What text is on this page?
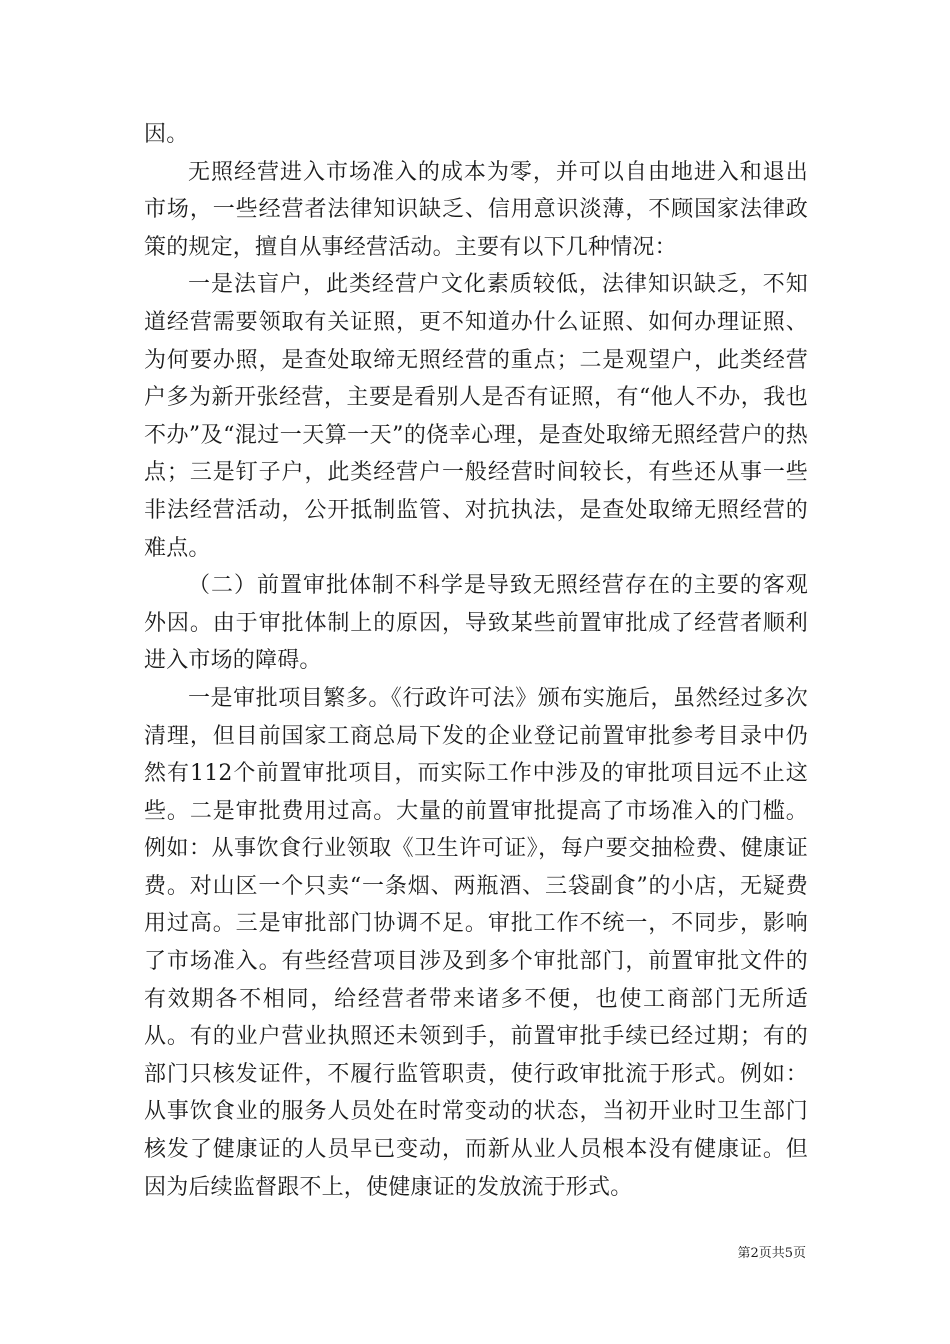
因。

无照经营进入市场准入的成本为零，并可以自由地进入和退出市场，一些经营者法律知识缺乏、信用意识淡薄，不顾国家法律政策的规定，擅自从事经营活动。主要有以下几种情况：

一是法盲户，此类经营户文化素质较低，法律知识缺乏，不知道经营需要领取有关证照，更不知道办什么证照、如何办理证照、为何要办照，是查处取缔无照经营的重点；二是观望户，此类经营户多为新开张经营，主要是看别人是否有证照，有“他人不办，我也不办”及“混过一天算一天”的侥幸心理，是查处取缔无照经营户的热点；三是钉子户，此类经营户一般经营时间较长，有些还从事一些非法经营活动，公开抵制监管、对抗执法，是查处取缔无照经营的难点。

（二）前置审批体制不科学是导致无照经营存在的主要的客观外因。由于审批体制上的原因，导致某些前置审批成了经营者顺利进入市场的障碍。

一是审批项目繁多。《行政许可法》颁布实施后，虽然经过多次清理，但目前国家工商总局下发的企业登记前置审批参考目录中仍然有112个前置审批项目，而实际工作中涉及的审批项目远不止这些。二是审批费用过高。大量的前置审批提高了市场准入的门槛。例如：从事饮食行业领取《卫生许可证》，每户要交抽检费、健康证费。对山区一个只卖“一条烟、两瓶酒、三袋副食”的小店，无疑费用过高。三是审批部门协调不足。审批工作不统一，不同步，影响了市场准入。有些经营项目涉及到多个审批部门，前置审批文件的有效期各不相同，给经营者带来诸多不便，也使工商部门无所适从。有的业户营业执照还未领到手，前置审批手续已经过期；有的部门只核发证件，不履行监管职责，使行政审批流于形式。例如：从事饮食业的服务人员处在时常变动的状态，当初开业时卫生部门核发了健康证的人员早已变动，而新从业人员根本没有健康证。但因为后续监督跟不上，使健康证的发放流于形式。

第2页共5页
